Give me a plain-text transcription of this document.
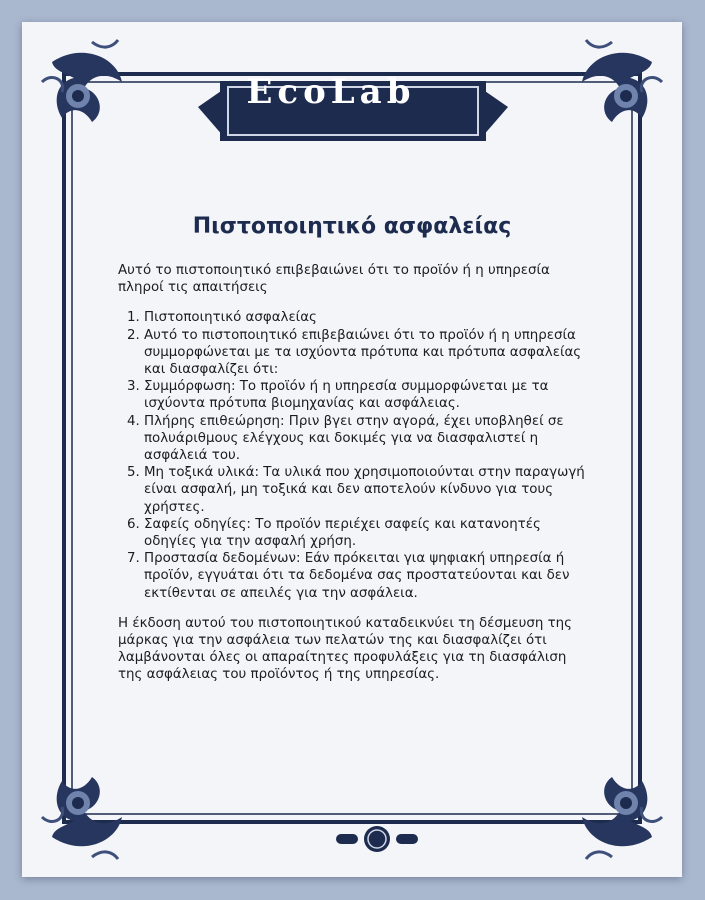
EcoLab
Πιστοποιητικό ασφαλείας

Αυτό το πιστοποιητικό επιβεβαιώνει ότι το προϊόν ή η υπηρεσία πληροί τις απαιτήσεις

1. Πιστοποιητικό ασφαλείας
2. Αυτό το πιστοποιητικό επιβεβαιώνει ότι το προϊόν ή η υπηρεσία συμμορφώνεται με τα ισχύοντα πρότυπα και πρότυπα ασφαλείας και διασφαλίζει ότι:
3. Συμμόρφωση: Το προϊόν ή η υπηρεσία συμμορφώνεται με τα ισχύοντα πρότυπα βιομηχανίας και ασφάλειας.
4. Πλήρης επιθεώρηση: Πριν βγει στην αγορά, έχει υποβληθεί σε πολυάριθμους ελέγχους και δοκιμές για να διασφαλιστεί η ασφάλειά του.
5. Μη τοξικά υλικά: Τα υλικά που χρησιμοποιούνται στην παραγωγή είναι ασφαλή, μη τοξικά και δεν αποτελούν κίνδυνο για τους χρήστες.
6. Σαφείς οδηγίες: Το προϊόν περιέχει σαφείς και κατανοητές οδηγίες για την ασφαλή χρήση.
7. Προστασία δεδομένων: Εάν πρόκειται για ψηφιακή υπηρεσία ή προϊόν, εγγυάται ότι τα δεδομένα σας προστατεύονται και δεν εκτίθενται σε απειλές για την ασφάλεια.

Η έκδοση αυτού του πιστοποιητικού καταδεικνύει τη δέσμευση της μάρκας για την ασφάλεια των πελατών της και διασφαλίζει ότι λαμβάνονται όλες οι απαραίτητες προφυλάξεις για τη διασφάλιση της ασφάλειας του προϊόντος ή της υπηρεσίας.
